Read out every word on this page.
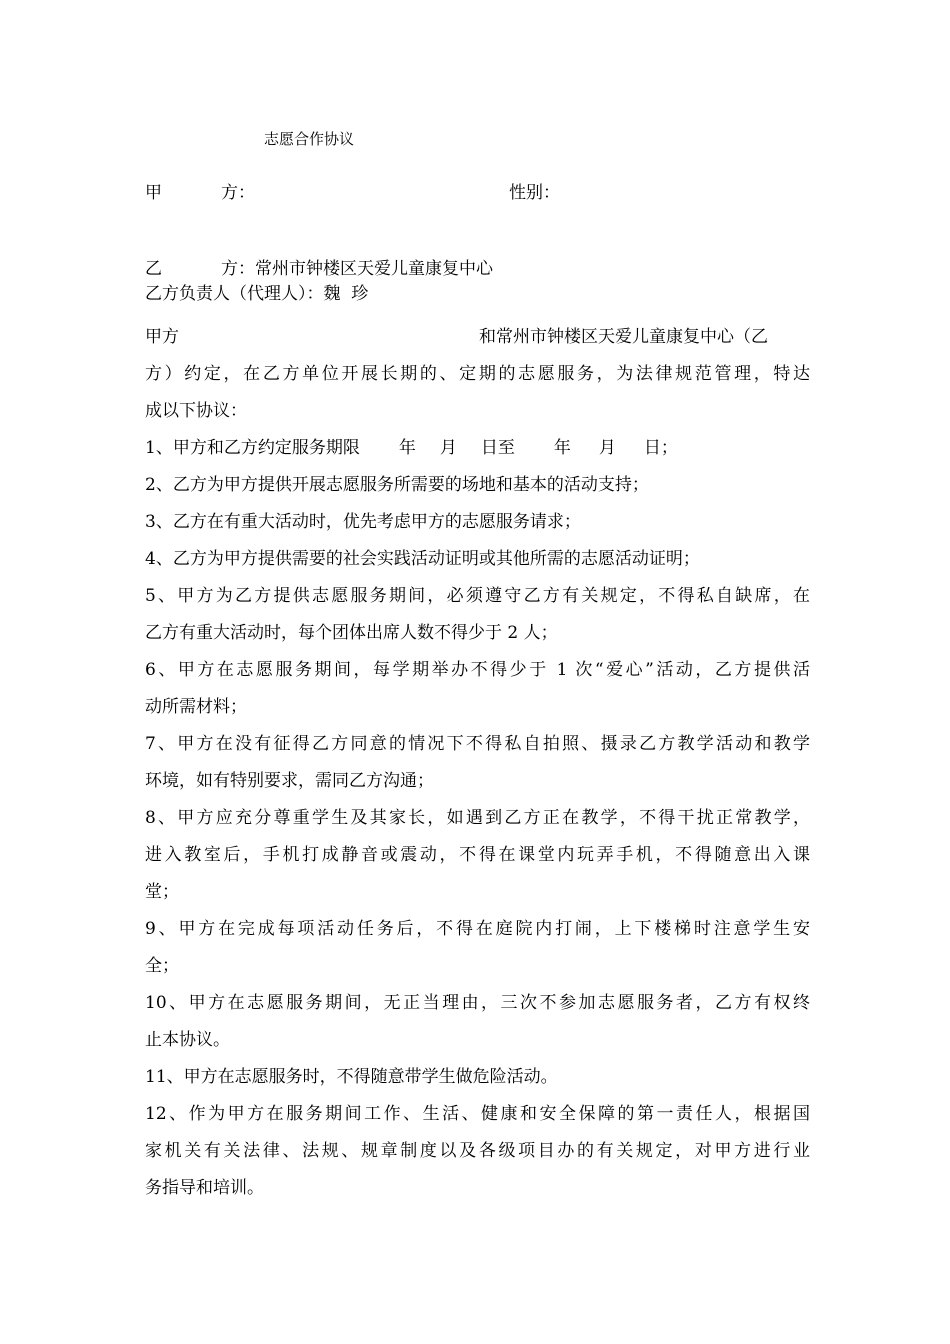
志愿合作协议
甲	方：	性别：
乙	方：常州市钟楼区天爱儿童康复中心
乙方负责人（代理人）：魏  珍
甲方	和常州市钟楼区天爱儿童康复中心（乙
方）约定，在乙方单位开展长期的、定期的志愿服务，为法律规范管理，特达
成以下协议：
1、甲方和乙方约定服务期限 年 月 日至 年 月 日；
2、乙方为甲方提供开展志愿服务所需要的场地和基本的活动支持；
3、乙方在有重大活动时，优先考虑甲方的志愿服务请求；
4、乙方为甲方提供需要的社会实践活动证明或其他所需的志愿活动证明；
5、甲方为乙方提供志愿服务期间，必须遵守乙方有关规定，不得私自缺席，在
乙方有重大活动时，每个团体出席人数不得少于 2 人；
6、甲方在志愿服务期间，每学期举办不得少于 1 次“爱心”活动，乙方提供活
动所需材料；
7、甲方在没有征得乙方同意的情况下不得私自拍照、摄录乙方教学活动和教学
环境，如有特别要求，需同乙方沟通；
8、甲方应充分尊重学生及其家长，如遇到乙方正在教学，不得干扰正常教学，
进入教室后，手机打成静音或震动，不得在课堂内玩弄手机，不得随意出入课
堂；
9、甲方在完成每项活动任务后，不得在庭院内打闹，上下楼梯时注意学生安
全；
10、甲方在志愿服务期间，无正当理由，三次不参加志愿服务者，乙方有权终
止本协议。
11、甲方在志愿服务时，不得随意带学生做危险活动。
12、作为甲方在服务期间工作、生活、健康和安全保障的第一责任人，根据国
家机关有关法律、法规、规章制度以及各级项目办的有关规定，对甲方进行业
务指导和培训。
